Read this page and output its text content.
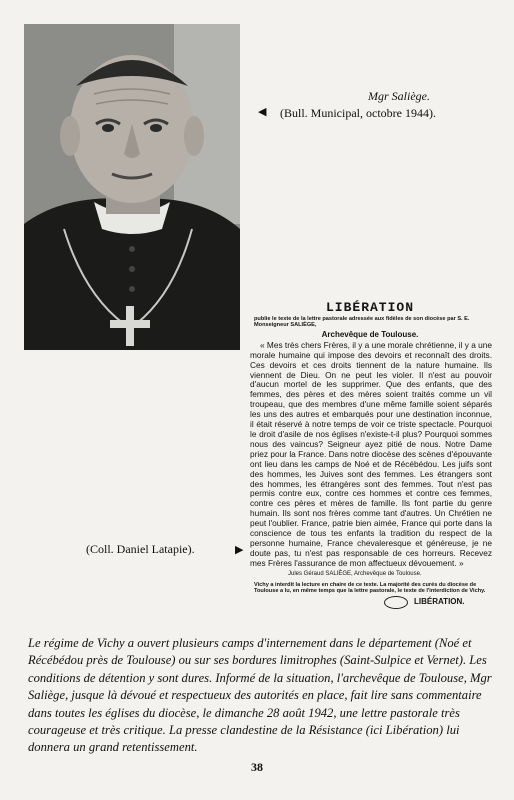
Mgr Saliège.
(Bull. Municipal, octobre 1944).
◀

LIBÉRATION

publie le texte de la lettre pastorale adressée aux fidèles de son diocèse par S. E. Monseigneur SALIÈGE,

Archevêque de Toulouse.

« Mes très chers Frères, il y a une morale chrétienne, il y a une morale humaine qui impose des devoirs et reconnaît des droits. Ces devoirs et ces droits tiennent de la nature humaine. Ils viennent de Dieu. On ne peut les violer. Il n'est au pouvoir d'aucun mortel de les supprimer. Que des enfants, que des femmes, des pères et des mères soient traités comme un vil troupeau, que des membres d'une même famille soient séparés les uns des autres et embarqués pour une destination inconnue, il était réservé à notre temps de voir ce triste spectacle. Pourquoi le droit d'asile de nos églises n'existe-t-il plus? Pourquoi sommes nous des vaincus? Seigneur ayez pitié de nous. Notre Dame priez pour la France. Dans notre diocèse des scènes d'épouvante ont lieu dans les camps de Noé et de Récébédou. Les juifs sont des hommes, les Juives sont des femmes. Les étrangers sont des hommes, les étrangères sont des femmes. Tout n'est pas permis contre eux, contre ces hommes et contre ces femmes, contre ces pères et mères de famille. Ils font partie du genre humain. Ils sont nos frères comme tant d'autres. Un Chrétien ne peut l'oublier. France, patrie bien aimée, France qui porte dans la conscience de tous tes enfants la tradition du respect de la personne humaine, France chevaleresque et généreuse, je ne doute pas, tu n'est pas responsable de ces horreurs. Recevez mes Frères l'assurance de mon affectueux dévouement. »

Jules Géraud SALIÈGE, Archevêque de Toulouse.

Vichy a interdit la lecture en chaire de ce texte. La majorité des curés du diocèse de Toulouse a lu, en même temps que la lettre pastorale, le texte de l'interdiction de Vichy.

LIBÉRATION.
(Coll. Daniel Latapie).	▶

Le régime de Vichy a ouvert plusieurs camps d'internement dans le département (Noé et Récébédou près de Toulouse) ou sur ses bordures limitrophes (Saint-Sulpice et Vernet). Les conditions de détention y sont dures. Informé de la situation, l'archevêque de Toulouse, Mgr Saliège, jusque là dévoué et respectueux des autorités en place, fait lire sans commentaire dans toutes les églises du diocèse, le dimanche 28 août 1942, une lettre pastorale très courageuse et très critique. La presse clandestine de la Résistance (ici Libération) lui donnera un grand retentissement.

38
